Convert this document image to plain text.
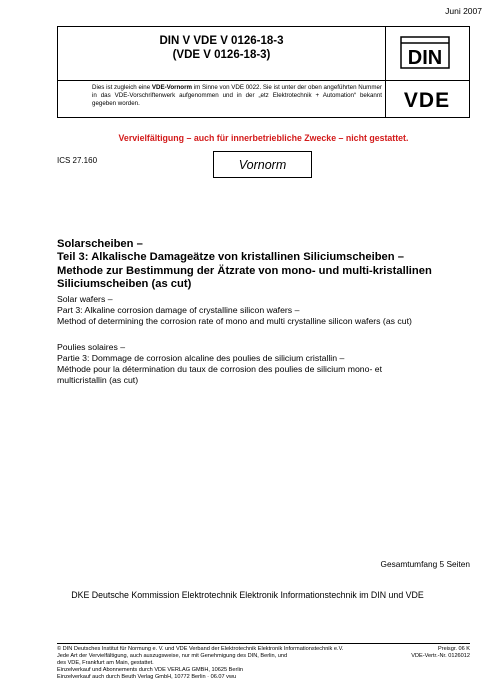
Juni 2007
DIN V VDE V 0126-18-3
(VDE V 0126-18-3)
Dies ist zugleich eine VDE-Vornorm im Sinne von VDE 0022. Sie ist unter der oben angeführten Nummer in das VDE-Vorschriftenwerk aufgenommen und in der „etz Elektrotechnik + Automation“ bekannt gegeben worden.
DIN
VDE
Vervielfältigung – auch für innerbetriebliche Zwecke – nicht gestattet.
ICS 27.160	Vornorm
Solarscheiben –
Teil 3: Alkalische Damageätze von kristallinen Siliciumscheiben –
Methode zur Bestimmung der Ätzrate von mono- und multi-kristallinen
Siliciumscheiben (as cut)
Solar wafers –
Part 3: Alkaline corrosion damage of crystalline silicon wafers –
Method of determining the corrosion rate of mono and multi crystalline silicon wafers (as cut)
Poulies solaires –
Partie 3: Dommage de corrosion alcaline des poulies de silicium cristallin –
Méthode pour la détermination du taux de corrosion des poulies de silicium mono- et
multicristallin (as cut)
Gesamtumfang 5 Seiten
DKE Deutsche Kommission Elektrotechnik Elektronik Informationstechnik im DIN und VDE
© DIN Deutsches Institut für Normung e. V. und VDE Verband der Elektrotechnik Elektronik Informationstechnik e.V.
Jede Art der Vervielfältigung, auch auszugsweise, nur mit Genehmigung des DIN, Berlin, und
des VDE, Frankfurt am Main, gestattet.
Einzelverkauf und Abonnements durch VDE VERLAG GMBH, 10625 Berlin
Einzelverkauf auch durch Beuth Verlag GmbH, 10772 Berlin · 06.07 vwu
Preisgr. 06 K
VDE-Vertr.-Nr. 0126012
